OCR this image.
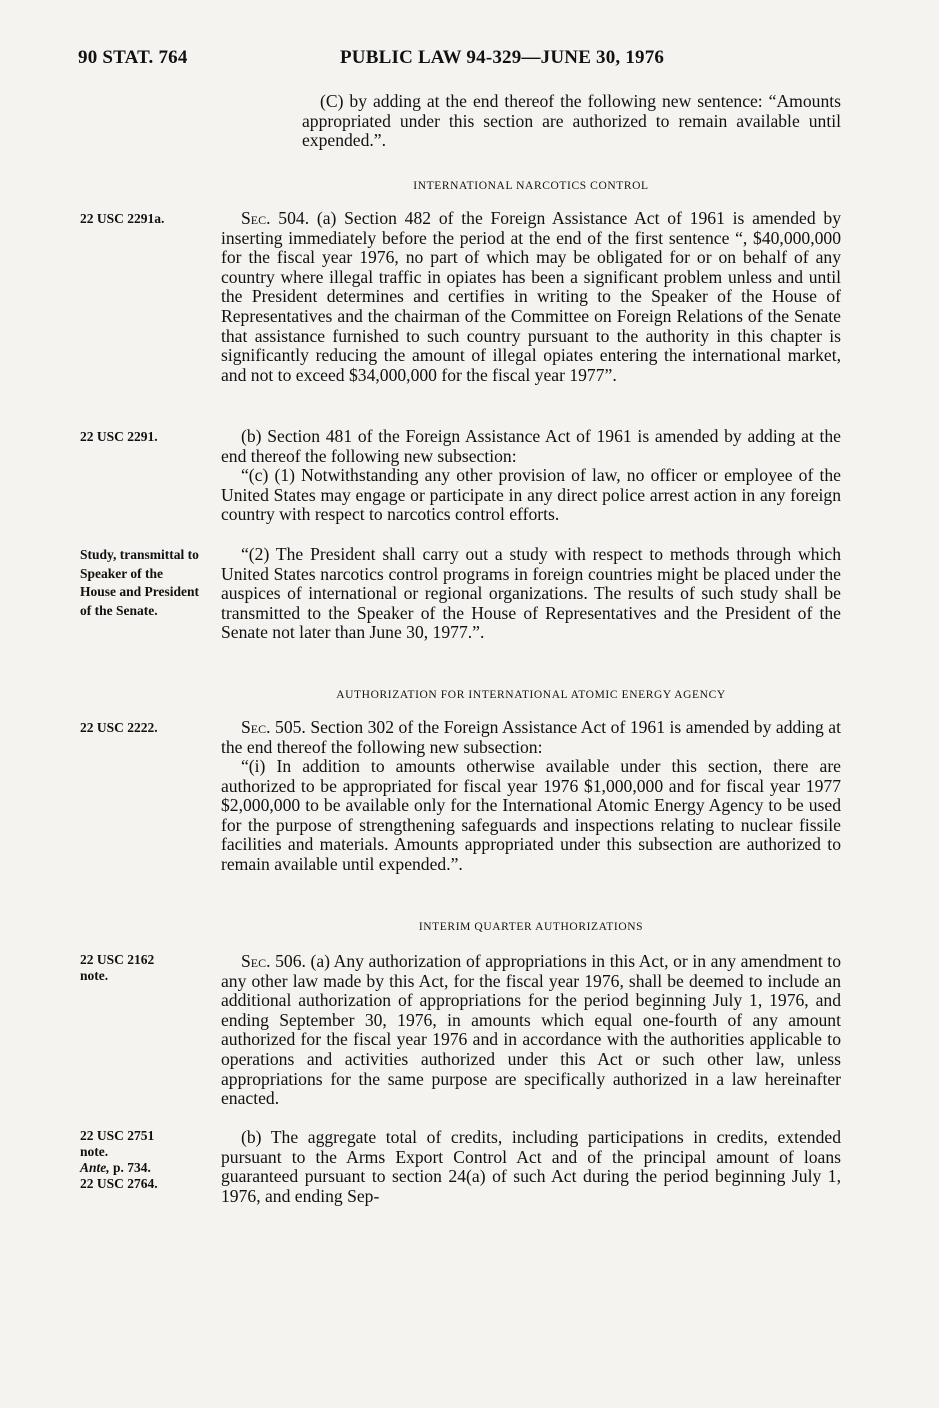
90 STAT. 764	PUBLIC LAW 94-329—JUNE 30, 1976

(C) by adding at the end thereof the following new sentence: “Amounts appropriated under this section are authorized to remain available until expended.”.

INTERNATIONAL NARCOTICS CONTROL

22 USC 2291a.	Sec. 504. (a) Section 482 of the Foreign Assistance Act of 1961 is amended by inserting immediately before the period at the end of the first sentence “, $40,000,000 for the fiscal year 1976, no part of which may be obligated for or on behalf of any country where illegal traffic in opiates has been a significant problem unless and until the President determines and certifies in writing to the Speaker of the House of Representatives and the chairman of the Committee on Foreign Relations of the Senate that assistance furnished to such country pursuant to the authority in this chapter is significantly reducing the amount of illegal opiates entering the international market, and not to exceed $34,000,000 for the fiscal year 1977”.

22 USC 2291.	(b) Section 481 of the Foreign Assistance Act of 1961 is amended by adding at the end thereof the following new subsection:

“(c) (1) Notwithstanding any other provision of law, no officer or employee of the United States may engage or participate in any direct police arrest action in any foreign country with respect to narcotics control efforts.

Study, transmittal to Speaker of the House and President of the Senate.

“(2) The President shall carry out a study with respect to methods through which United States narcotics control programs in foreign countries might be placed under the auspices of international or regional organizations. The results of such study shall be transmitted to the Speaker of the House of Representatives and the President of the Senate not later than June 30, 1977.”.

AUTHORIZATION FOR INTERNATIONAL ATOMIC ENERGY AGENCY

22 USC 2222.	Sec. 505. Section 302 of the Foreign Assistance Act of 1961 is amended by adding at the end thereof the following new subsection:

“(i) In addition to amounts otherwise available under this section, there are authorized to be appropriated for fiscal year 1976 $1,000,000 and for fiscal year 1977 $2,000,000 to be available only for the International Atomic Energy Agency to be used for the purpose of strengthening safeguards and inspections relating to nuclear fissile facilities and materials. Amounts appropriated under this subsection are authorized to remain available until expended.”.

INTERIM QUARTER AUTHORIZATIONS

22 USC 2162
note.

Sec. 506. (a) Any authorization of appropriations in this Act, or in any amendment to any other law made by this Act, for the fiscal year 1976, shall be deemed to include an additional authorization of appropriations for the period beginning July 1, 1976, and ending September 30, 1976, in amounts which equal one-fourth of any amount authorized for the fiscal year 1976 and in accordance with the authorities applicable to operations and activities authorized under this Act or such other law, unless appropriations for the same purpose are specifically authorized in a law hereinafter enacted.

22 USC 2751
note.
Ante, p. 734.
22 USC 2764.

(b) The aggregate total of credits, including participations in credits, extended pursuant to the Arms Export Control Act and of the principal amount of loans guaranteed pursuant to section 24(a) of such Act during the period beginning July 1, 1976, and ending Sep-
